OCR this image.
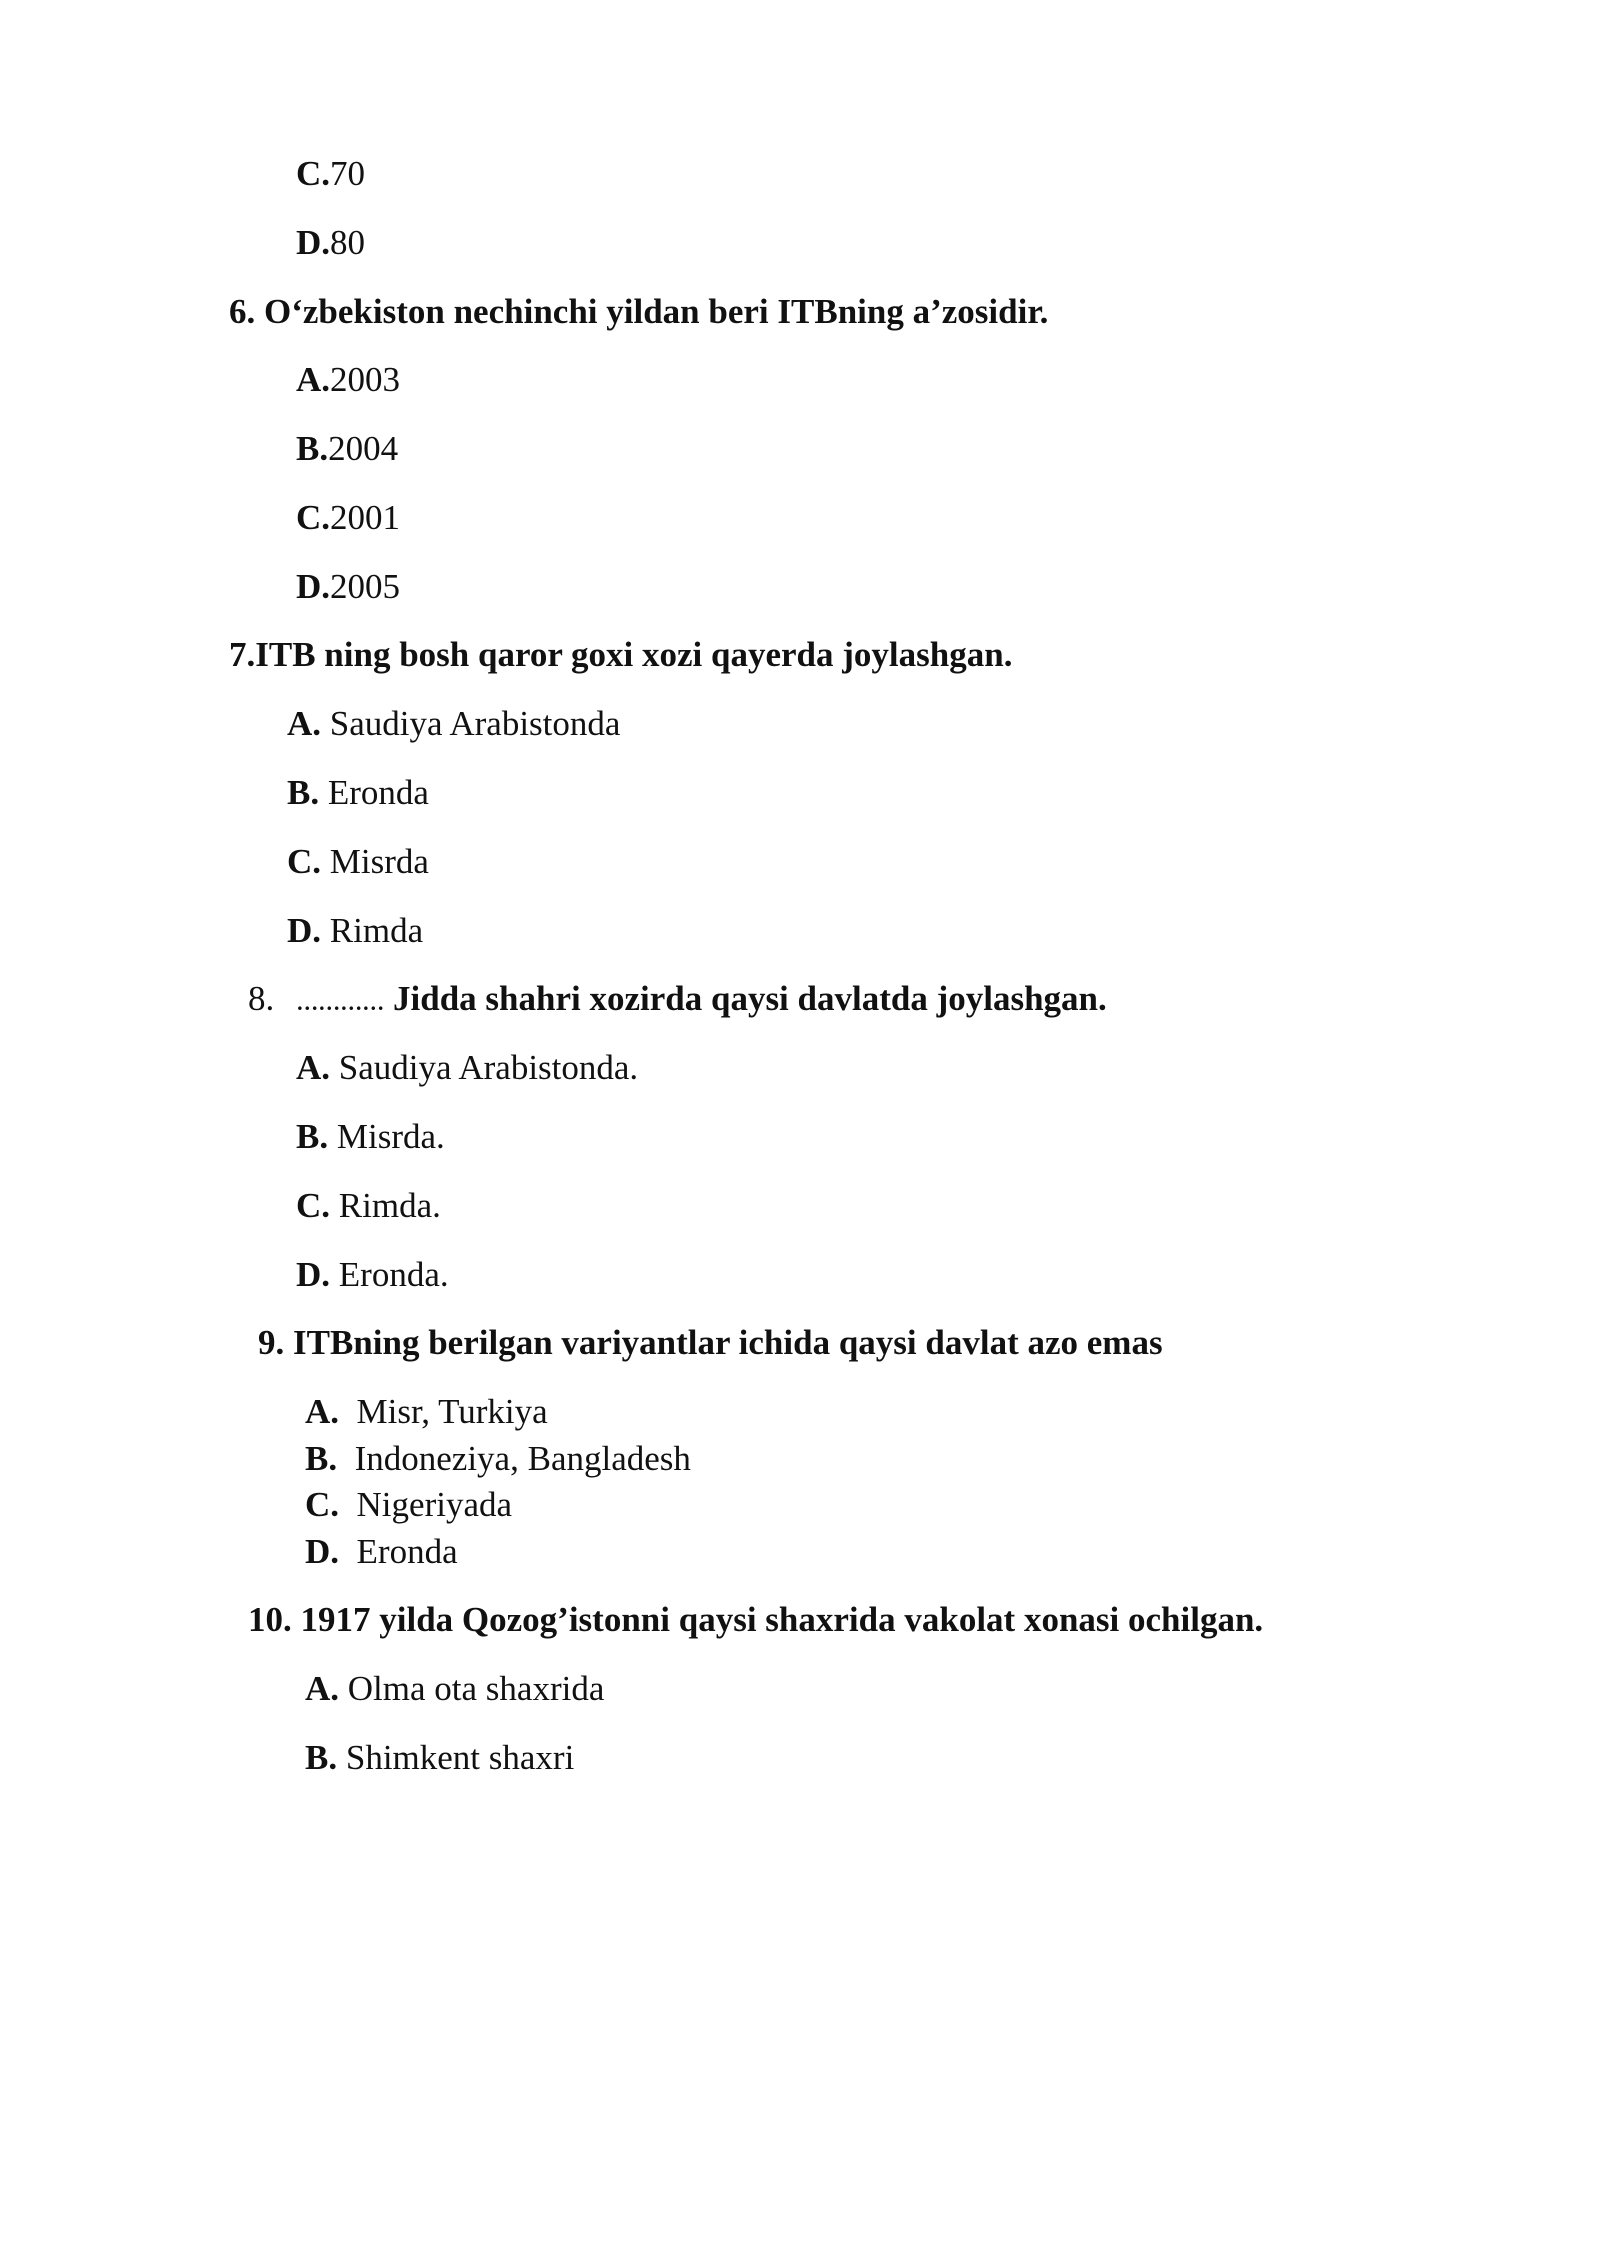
C.70
D.80
6. O‘zbekiston nechinchi yildan beri ITBning a’zosidir.
A.2003
B.2004
C.2001
D.2005
7.ITB ning bosh qaror goxi xozi qayerda joylashgan.
A. Saudiya Arabistonda
B. Eronda
C. Misrda
D. Rimda
8. ………… Jidda shahri xozirda qaysi davlatda joylashgan.
A. Saudiya Arabistonda.
B. Misrda.
C. Rimda.
D. Eronda.
9. ITBning berilgan variyantlar ichida qaysi davlat azo emas
A.  Misr, Turkiya
B.  Indoneziya, Bangladesh
C.  Nigeriyada
D.  Eronda
10. 1917 yilda Qozog’istonni qaysi shaxrida vakolat xonasi ochilgan.
A. Olma ota shaxrida
B. Shimkent shaxri
